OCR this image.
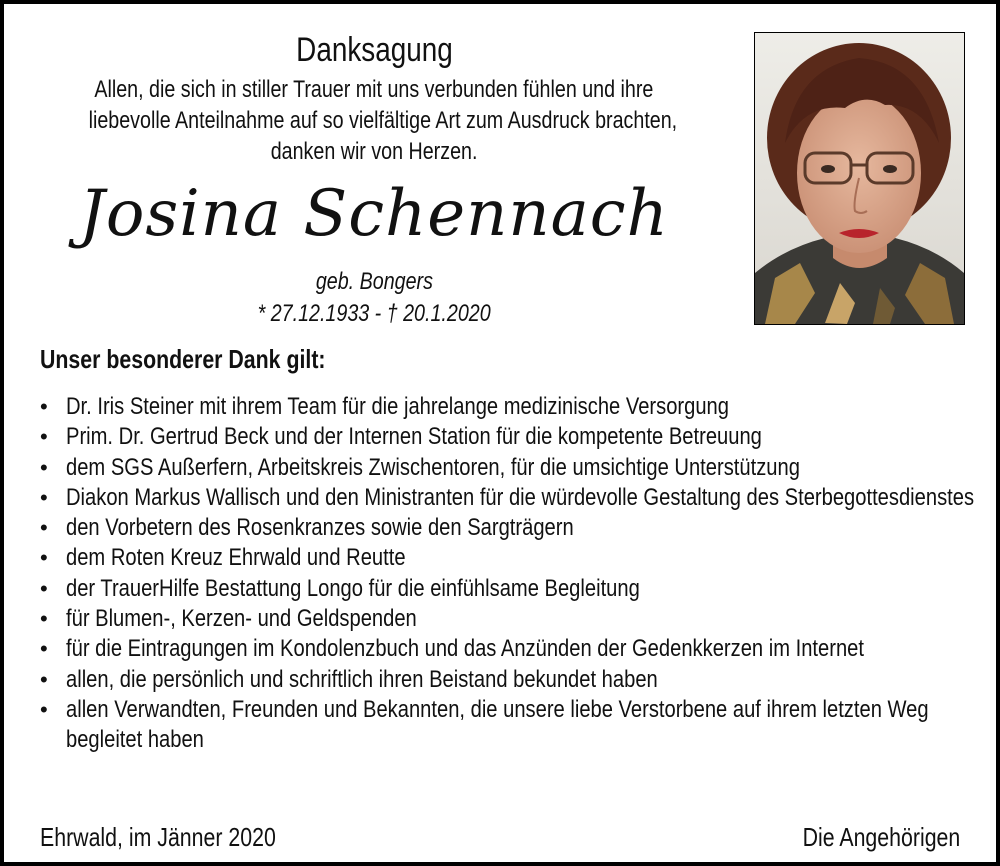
Danksagung
Allen, die sich in stiller Trauer mit uns verbunden fühlen und ihre
liebevolle Anteilnahme auf so vielfältige Art zum Ausdruck brachten,
danken wir von Herzen.
Josina Schennach
geb. Bongers
* 27.12.1933 - † 20.1.2020
Unser besonderer Dank gilt:
• Dr. Iris Steiner mit ihrem Team für die jahrelange medizinische Versorgung
• Prim. Dr. Gertrud Beck und der Internen Station für die kompetente Betreuung
• dem SGS Außerfern, Arbeitskreis Zwischentoren, für die umsichtige Unterstützung
• Diakon Markus Wallisch und den Ministranten für die würdevolle Gestaltung des Sterbegottesdienstes
• den Vorbetern des Rosenkranzes sowie den Sargträgern
• dem Roten Kreuz Ehrwald und Reutte
• der TrauerHilfe Bestattung Longo für die einfühlsame Begleitung
• für Blumen-, Kerzen- und Geldspenden
• für die Eintragungen im Kondolenzbuch und das Anzünden der Gedenkkerzen im Internet
• allen, die persönlich und schriftlich ihren Beistand bekundet haben
• allen Verwandten, Freunden und Bekannten, die unsere liebe Verstorbene auf ihrem letzten Weg begleitet haben
Ehrwald, im Jänner 2020	Die Angehörigen
